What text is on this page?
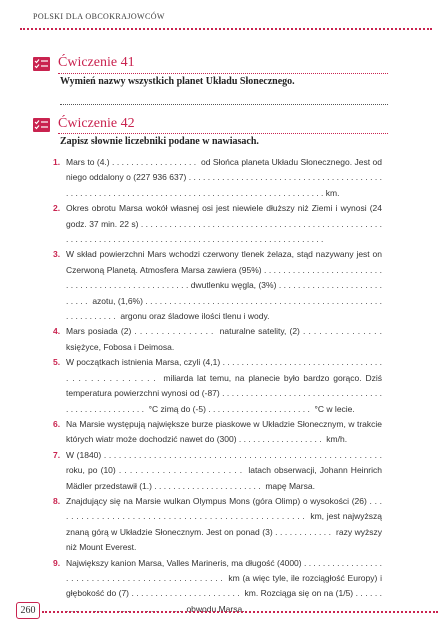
POLSKI DLA OBCOKRAJOWCÓW
Ćwiczenie 41
Wymień nazwy wszystkich planet Układu Słonecznego.
Ćwiczenie 42
Zapisz słownie liczebniki podane w nawiasach.
1. Mars to (4.) . . . . . . . . . . . . . . . . . .  od Słońca planeta Układu Słonecznego. Jest od niego oddalony o (227 936 637) . . . . . . . . . . . . . . . . . . . . . . . . . . . . . . . . . . . . . . . . . . . . . . . . . . . . . . . . . . . . . . . . . . . . . . . . . . . . . . . . . . . . . . . . . . . . . . . . km.
2. Okres obrotu Marsa wokół własnej osi jest niewiele dłuższy niż Ziemi i wynosi (24 godz. 37 min. 22 s) . . . . . . . . . . . . . . . . . . . . . . . . . . . . . . . . . . . . . . . . . . . . . . . . . . . . . . . . . . . . . . . . . . . . . . . . . . . . . . . . . . . . . . . . . . . . . . . . . . . . . . . . . .
3. W skład powierzchni Mars wchodzi czerwony tlenek żelaza, stąd nazywany jest on Czerwoną Planetą. Atmosfera Marsa zawiera (95%) . . . . . . . . . . . . . . . . . . . . . . . . . . . . . . . . . . . . . . . . . . . . . . . . . . . dwutlenku węgla, (3%) . . . . . . . . . . . . . . . . . . . . . . . . . . .  azotu, (1,6%) . . . . . . . . . . . . . . . . . . . . . . . . . . . . . . . . . . . . . . . . . . . . . . . . . . . . . . . . . . . . .  argonu oraz śladowe ilości tlenu i wody.
4. Mars posiada (2) . . . . . . . . . . . . . . .  naturalne satelity, (2) . . . . . . . . . . . . . . . księżyce, Fobosa i Deimosa.
5. W początkach istnienia Marsa, czyli (4,1) . . . . . . . . . . . . . . . . . . . . . . . . . . . . . . . . . . . . . . . . . . . . . . . . .  miliarda lat temu, na planecie było bardzo gorąco. Dziś temperatura powierzchni wynosi od (-87) . . . . . . . . . . . . . . . . . . . . . . . . . . . . . . . . . . . . . . . . . . . . . . . . . . .  °C zimą do (-5) . . . . . . . . . . . . . . . . . . . . . .  °C w lecie.
6. Na Marsie występują największe burze piaskowe w Układzie Słonecznym, w trakcie których wiatr może dochodzić nawet do (300) . . . . . . . . . . . . . . . . . .  km/h.
7. W (1840) . . . . . . . . . . . . . . . . . . . . . . . . . . . . . . . . . . . . . . . . . . . . . . . . . . . . . . . .  roku, po (10) . . . . . . . . . . . . . . . . . . . . . . .  latach obserwacji, Johann Heinrich Mädler przedstawił (1.) . . . . . . . . . . . . . . . . . . . . . . .  mapę Marsa.
8. Znajdujący się na Marsie wulkan Olympus Mons (góra Olimp) o wysokości (26) . . . . . . . . . . . . . . . . . . . . . . . . . . . . . . . . . . . . . . . . . . . . . . . . . .  km, jest najwyższą znaną górą w Układzie Słonecznym. Jest on ponad (3) . . . . . . . . . . . .  razy wyższy niż Mount Everest.
9. Największy kanion Marsa, Valles Marineris, ma długość (4000) . . . . . . . . . . . . . . . . . . . . . . . . . . . . . . . . . . . . . . . . . . . . . . . .  km (a więc tyle, ile rozciągłość Europy) i głębokość do (7) . . . . . . . . . . . . . . . . . . . . . . .  km. Rozciąga się on na (1/5) . . . . . . . . . . . . . . . . . . . . . . . . . . . . . . .  obwodu Marsa.
260
